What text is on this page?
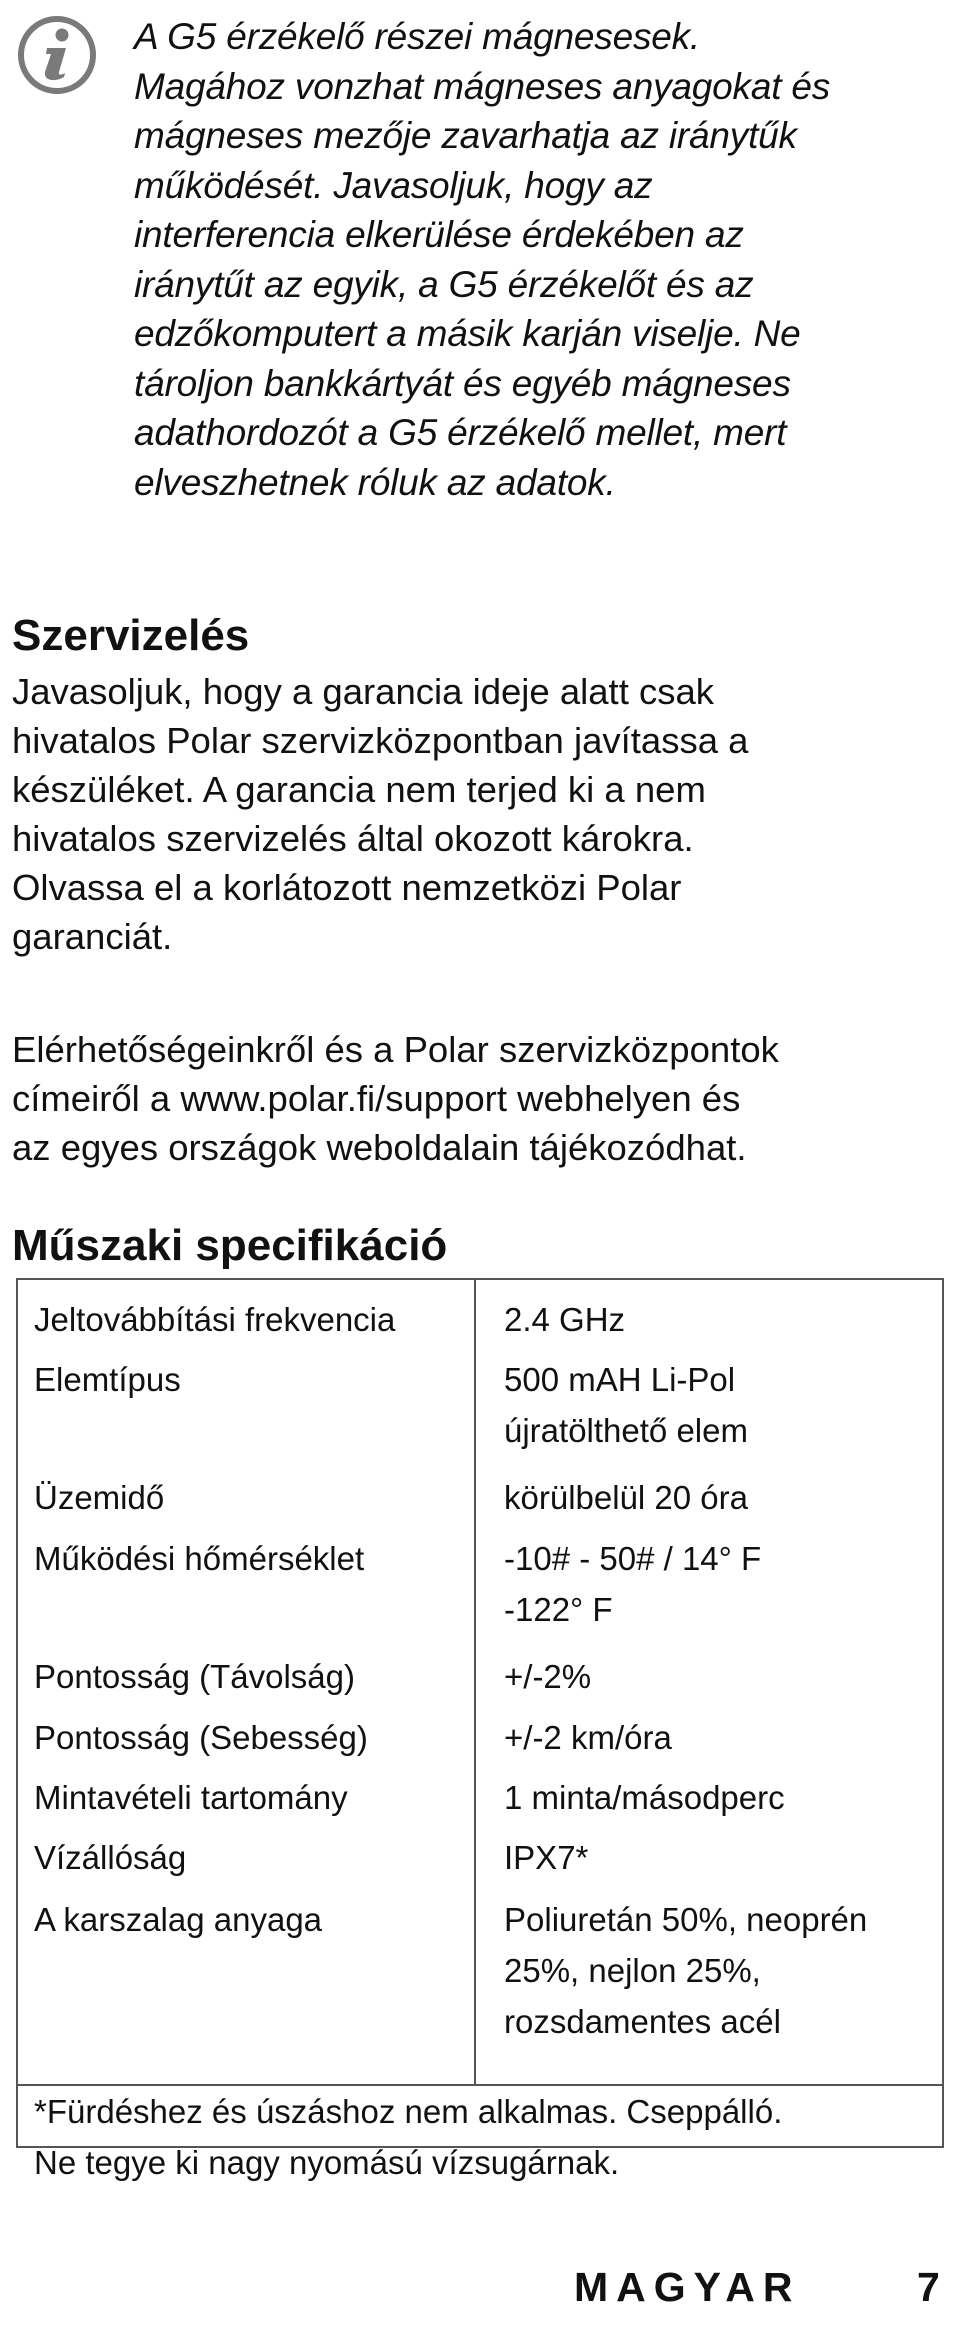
A G5 érzékelő részei mágnesesek.
Magához vonzhat mágneses anyagokat és
mágneses mezője zavarhatja az iránytűk
működését. Javasoljuk, hogy az
interferencia elkerülése érdekében az
iránytűt az egyik, a G5 érzékelőt és az
edzőkomputert a másik karján viselje. Ne
tároljon bankkártyát és egyéb mágneses
adathordozót a G5 érzékelő mellet, mert
elveszhetnek róluk az adatok.
Szervizelés
Javasoljuk, hogy a garancia ideje alatt csak
hivatalos Polar szervizközpontban javítassa a
készüléket. A garancia nem terjed ki a nem
hivatalos szervizelés által okozott károkra.
Olvassa el a korlátozott nemzetközi Polar
garanciát.
Elérhetőségeinkről és a Polar szervizközpontok
címeiről a www.polar.fi/support webhelyen és
az egyes országok weboldalain tájékozódhat.
Műszaki specifikáció
Jeltovábbítási frekvencia	2.4 GHz
Elemtípus	500 mAH Li-Pol
újratölthető elem
Üzemidő	körülbelül 20 óra
Működési hőmérséklet	-10# - 50# / 14° F
-122° F
Pontosság (Távolság)	+/-2%
Pontosság (Sebesség)	+/-2 km/óra
Mintavételi tartomány	1 minta/másodperc
Vízállóság	IPX7*
A karszalag anyaga	Poliuretán 50%, neoprén
25%, nejlon 25%,
rozsdamentes acél
*Fürdéshez és úszáshoz nem alkalmas. Cseppálló.
Ne tegye ki nagy nyomású vízsugárnak.
MAGYAR	7
